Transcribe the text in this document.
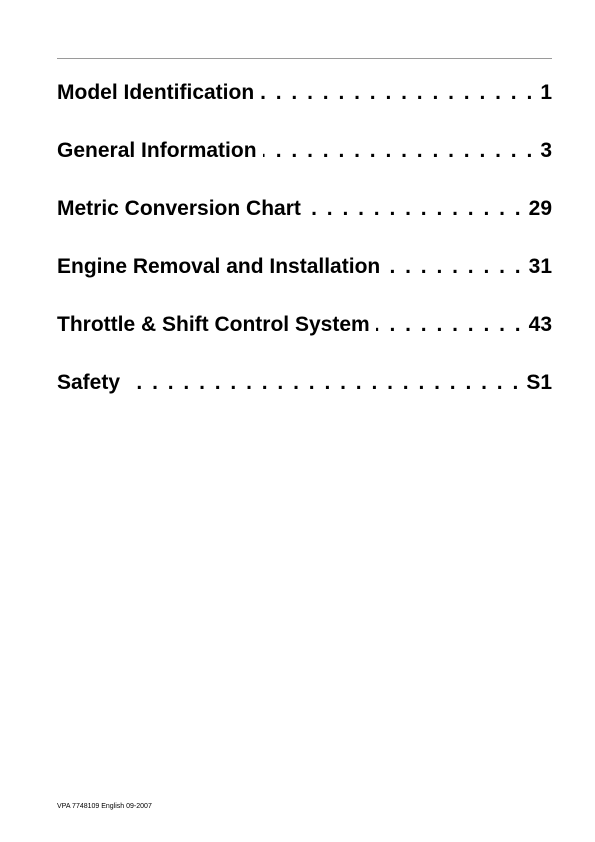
Model Identification . . .	1
General Information . . .	3
Metric Conversion Chart . . .	29
Engine Removal and Installation . . .	31
Throttle & Shift Control System . . .	43
Safety . . .	S1
VPA 7748109 English 09-2007
